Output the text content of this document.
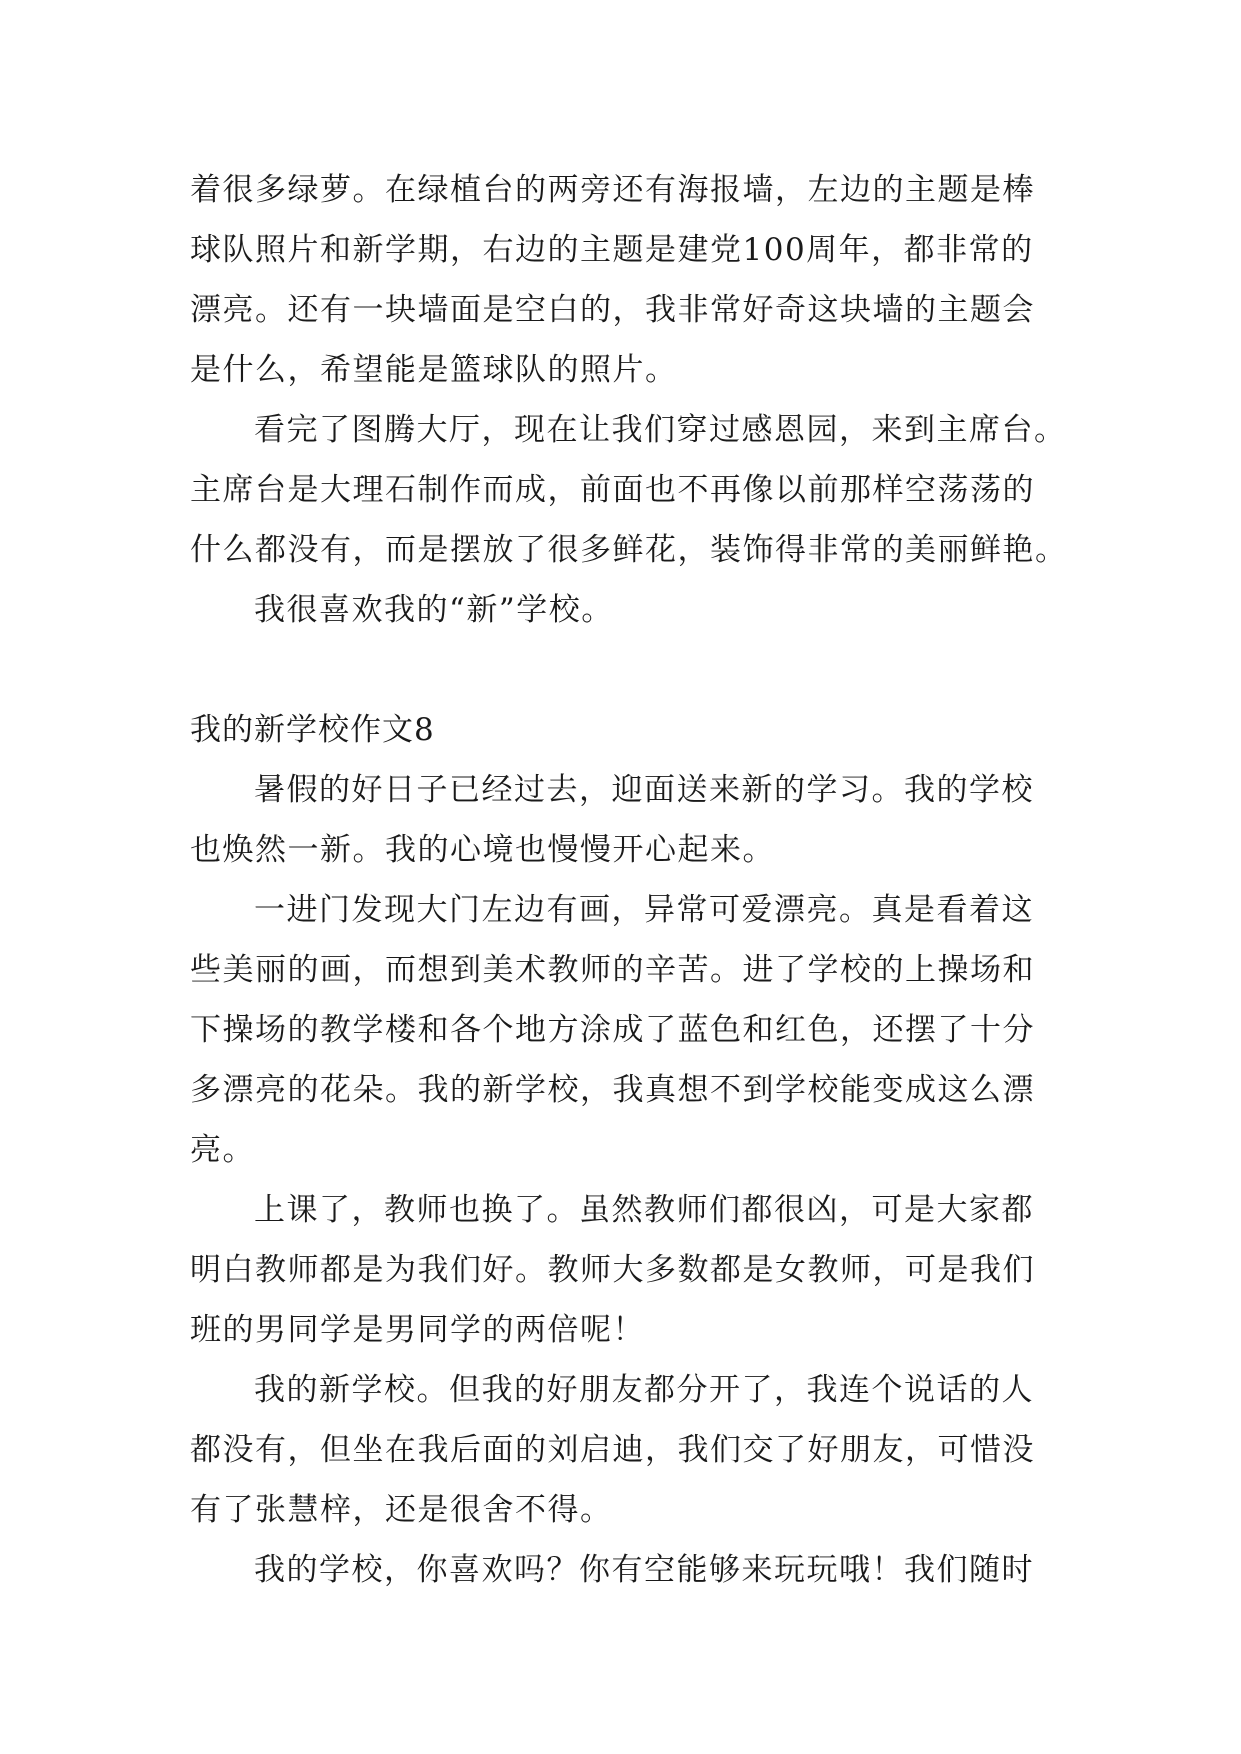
着很多绿萝。在绿植台的两旁还有海报墙，左边的主题是棒
球队照片和新学期，右边的主题是建党100周年，都非常的
漂亮。还有一块墙面是空白的，我非常好奇这块墙的主题会
是什么，希望能是篮球队的照片。
看完了图腾大厅，现在让我们穿过感恩园，来到主席台。
主席台是大理石制作而成，前面也不再像以前那样空荡荡的
什么都没有，而是摆放了很多鲜花，装饰得非常的美丽鲜艳。
我很喜欢我的“新”学校。
我的新学校作文8
暑假的好日子已经过去，迎面送来新的学习。我的学校
也焕然一新。我的心境也慢慢开心起来。
一进门发现大门左边有画，异常可爱漂亮。真是看着这
些美丽的画，而想到美术教师的辛苦。进了学校的上操场和
下操场的教学楼和各个地方涂成了蓝色和红色，还摆了十分
多漂亮的花朵。我的新学校，我真想不到学校能变成这么漂
亮。
上课了，教师也换了。虽然教师们都很凶，可是大家都
明白教师都是为我们好。教师大多数都是女教师，可是我们
班的男同学是男同学的两倍呢！
我的新学校。但我的好朋友都分开了，我连个说话的人
都没有，但坐在我后面的刘启迪，我们交了好朋友，可惜没
有了张慧梓，还是很舍不得。
我的学校，你喜欢吗？你有空能够来玩玩哦！我们随时
